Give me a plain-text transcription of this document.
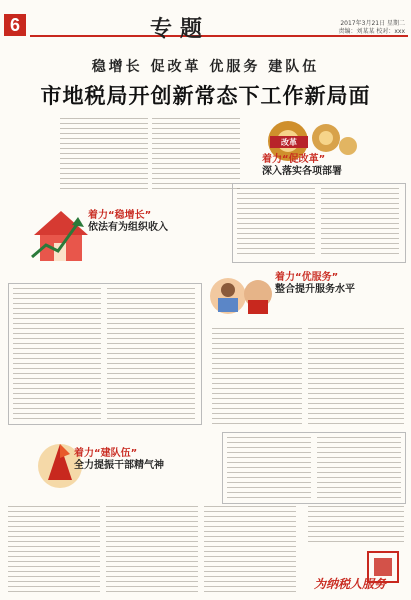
6	专题	2017年3月21日 星期二
责编：刘某某 校对：xxx
稳增长 促改革 优服务 建队伍
市地税局开创新常态下工作新局面
改革
着力“促改革”
深入落实各项部署
着力“稳增长”
依法有为组织收入
着力“优服务”
整合提升服务水平
着力“建队伍”
全力提振干部精气神
为纳税人服务
